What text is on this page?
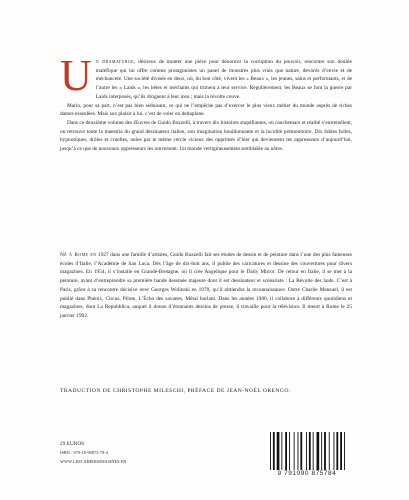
Un dramaturge, désireux de monter une pièce pour dénoncer la corruption du pouvoir, rencontre son double maléfique qui lui offre comme protagonistes un panel de monstres plus vrais que nature, dévorés d’envie et de méchanceté. Une société divisée en deux, où, du bon côté, vivent les « Beaux », les jeunes, sains et performants, et de l’autre les « Laids », les bêtes et méchants qui triment à leur service. Régulièrement, les Beaux se font la guerre par Laids interposés, qu’ils droguent à leur insu ; mais la révolte couve.

Mario, pour sa part, n’est pas bien séduisant, ce qui ne l’empêche pas d’exercer le plus vieux métier du monde auprès de riches dames esseulées. Mais son plaisir à lui, c’est de voler en deltaplane.

Dans ce deuxième volume des Œuvres de Guido Buzzelli, à travers dix histoires stupéfiantes, où cauchemars et réalité s’entremêlent, on retrouve toute la maestria du grand dessinateur italien, son imagination bouillonnante et la lucidité prémonitoire. Dix fables folles, hypnotiques, drôles et cruelles, unies par le même cercle vicieux des opprimés d’hier qui deviennent les oppresseurs d’aujourd’hui, jusqu’à ce que de nouveaux oppresseurs les renversent. Un monde vertigineusement semblable au nôtre.

Né à Rome en 1927 dans une famille d’artistes, Guido Buzzelli fait ses études de dessin et de peinture dans l’une des plus fameuses écoles d’Italie, l’Académie de San Luca. Dès l’âge de dix-huit ans, il publie des caricatures et dessine des couvertures pour divers magazines. En 1954, il s’installe en Grande-Bretagne, où il crée Angelique pour le Daily Mirror. De retour en Italie, il se met à la peinture, avant d’entreprendre sa première bande dessinée majeure dont il est dessinateur et scénariste : La Révolte des laids. C’est à Paris, grâce à sa rencontre décisive avec Georges Wolinski en 1970, qu’il obtiendra la reconnaissance. Outre Charlie Mensuel, il est publié dans Phénix, Circus, Pilote, L’Écho des savanes, Métal hurlant. Dans les années 1980, il collabore à différents quotidiens et magazines, dont La Repubblica, auquel il donne d’étonnants dessins de presse, il travaille pour la télévision. Il meurt à Rome le 25 janvier 1992.

TRADUCTION DE CHRISTOPHE MILESCHI, PRÉFACE DE JEAN-NOËL ORENGO.
29 EUROS
ISBN : 979-10-90875-78-4
WWW.LESCAHIERSDESSINES.FR
9 791090 875784
